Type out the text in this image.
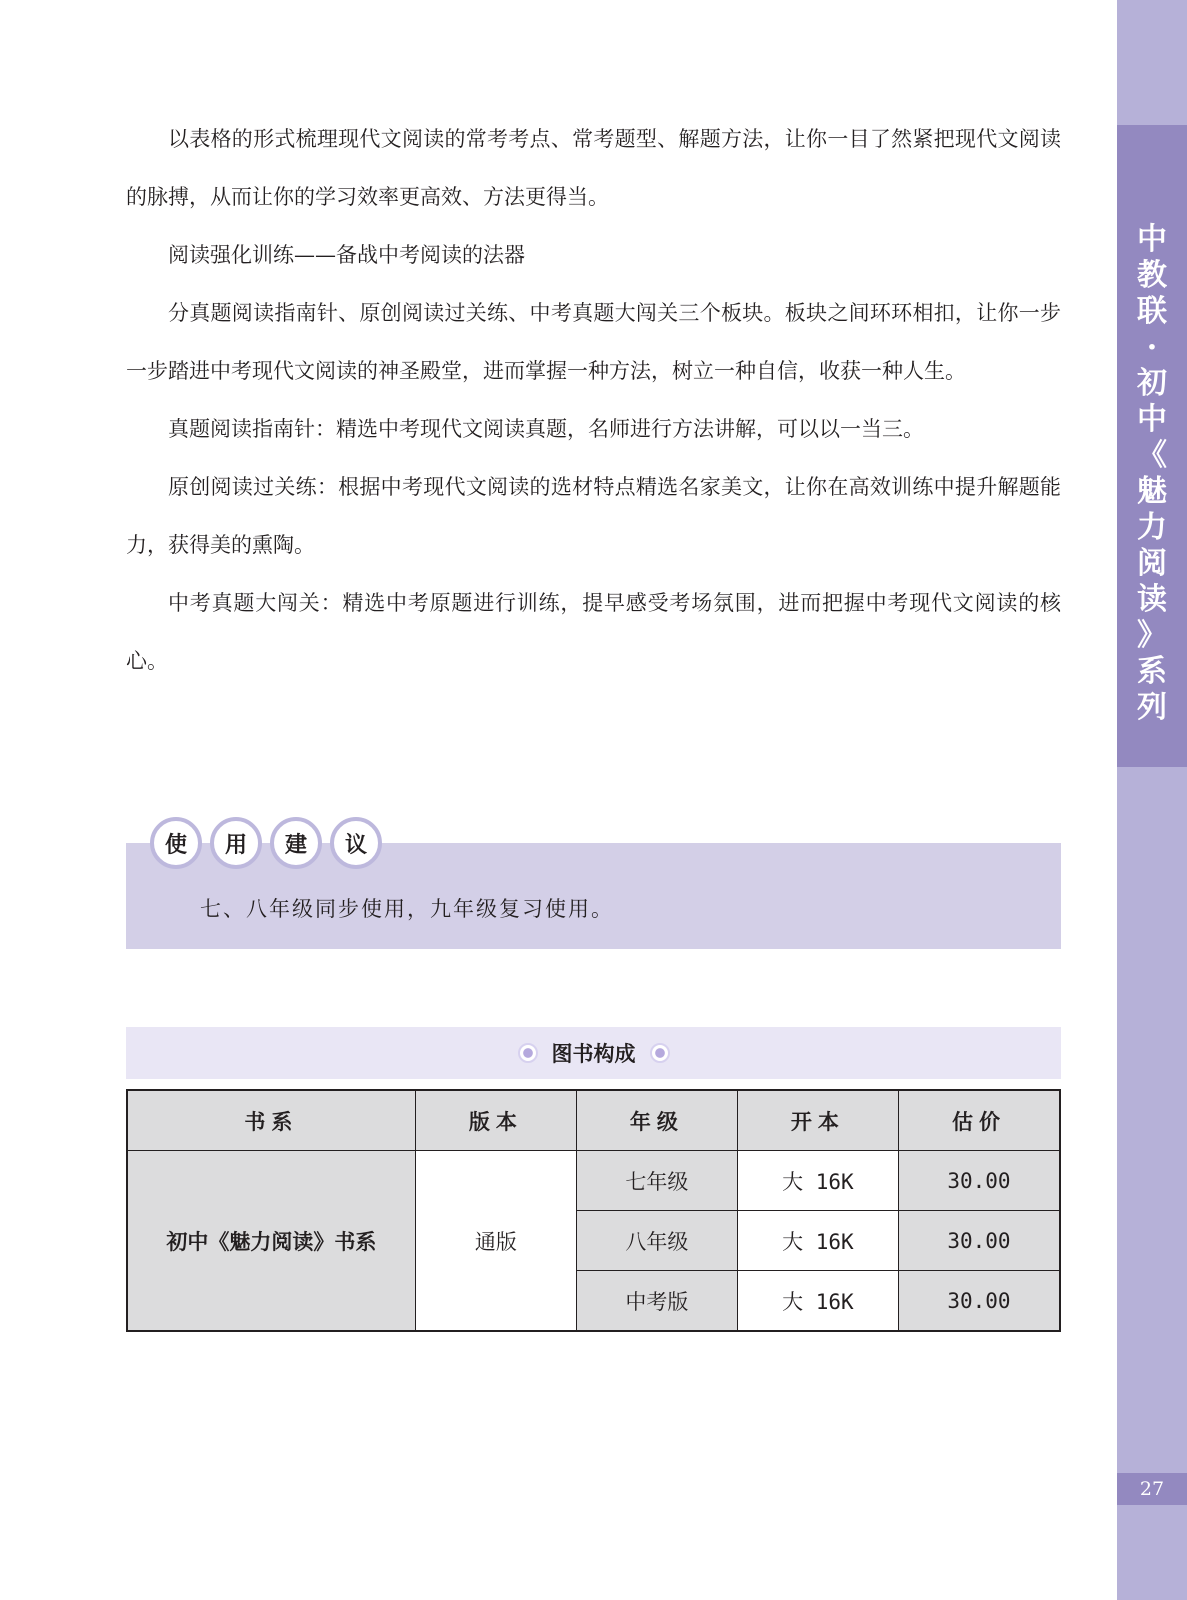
中
教
联
·
初
中
《
魅
力
阅
读
》
系
列
27

以表格的形式梳理现代文阅读的常考考点、常考题型、解题方法，让你一目了然紧把现代文阅读的脉搏，从而让你的学习效率更高效、方法更得当。

阅读强化训练——备战中考阅读的法器

分真题阅读指南针、原创阅读过关练、中考真题大闯关三个板块。板块之间环环相扣，让你一步一步踏进中考现代文阅读的神圣殿堂，进而掌握一种方法，树立一种自信，收获一种人生。

真题阅读指南针：精选中考现代文阅读真题，名师进行方法讲解，可以以一当三。

原创阅读过关练：根据中考现代文阅读的选材特点精选名家美文，让你在高效训练中提升解题能力，获得美的熏陶。

中考真题大闯关：精选中考原题进行训练，提早感受考场氛围，进而把握中考现代文阅读的核心。

使	用	建	议
七、八年级同步使用，九年级复习使用。
图书构成
书系	版本	年级	开本	估价
初中《魅力阅读》书系	通版	七年级	大 16K	30.00
		八年级	大 16K	30.00
		中考版	大 16K	30.00
